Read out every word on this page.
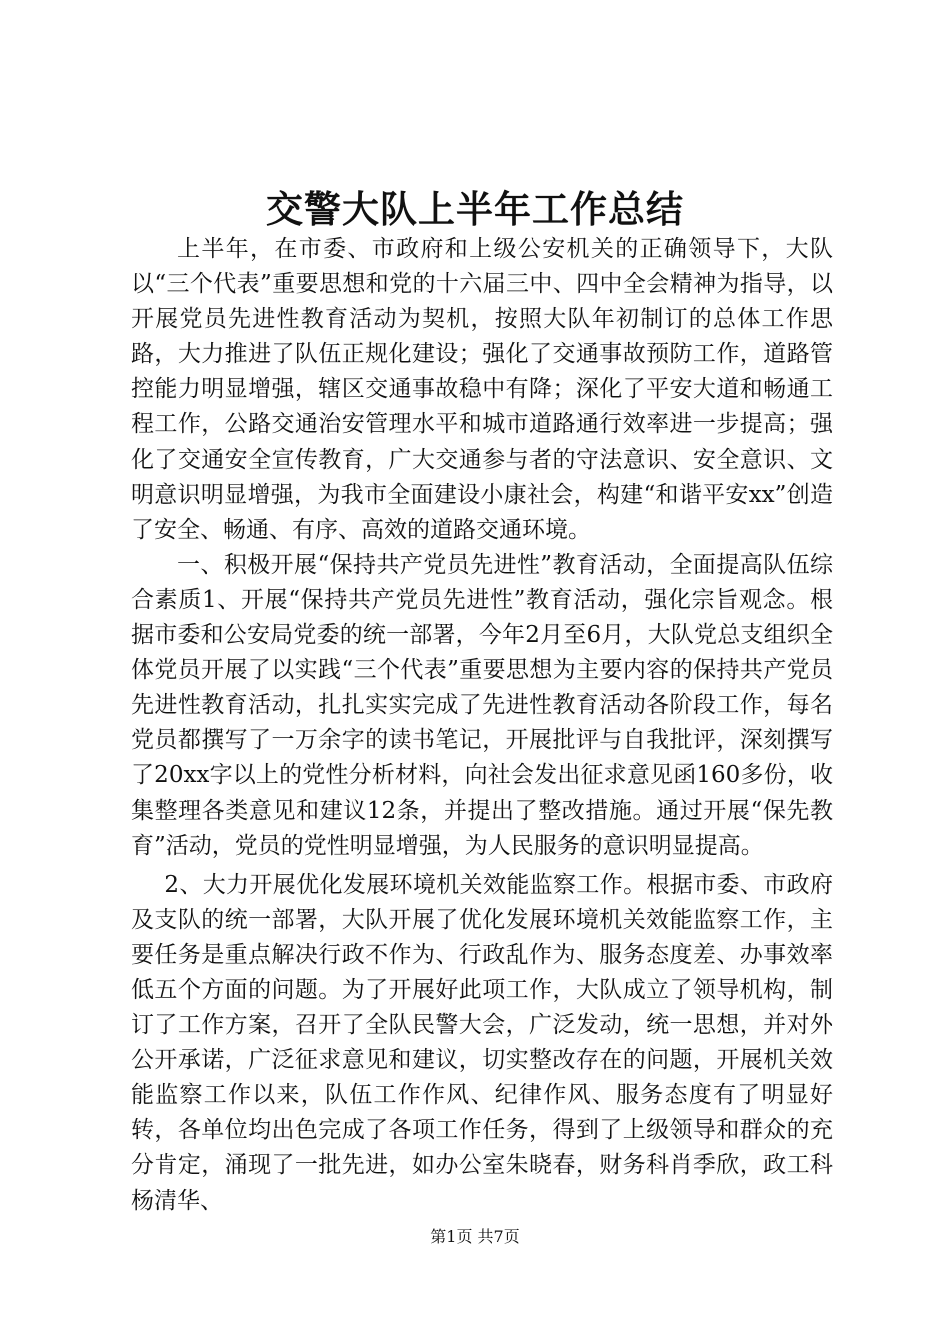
交警大队上半年工作总结

上半年，在市委、市政府和上级公安机关的正确领导下，大队以“三个代表”重要思想和党的十六届三中、四中全会精神为指导，以开展党员先进性教育活动为契机，按照大队年初制订的总体工作思路，大力推进了队伍正规化建设；强化了交通事故预防工作，道路管控能力明显增强，辖区交通事故稳中有降；深化了平安大道和畅通工程工作，公路交通治安管理水平和城市道路通行效率进一步提高；强化了交通安全宣传教育，广大交通参与者的守法意识、安全意识、文明意识明显增强，为我市全面建设小康社会，构建“和谐平安xx”创造了安全、畅通、有序、高效的道路交通环境。

一、积极开展“保持共产党员先进性”教育活动，全面提高队伍综合素质1、开展“保持共产党员先进性”教育活动，强化宗旨观念。根据市委和公安局党委的统一部署，今年2月至6月，大队党总支组织全体党员开展了以实践“三个代表”重要思想为主要内容的保持共产党员先进性教育活动，扎扎实实完成了先进性教育活动各阶段工作，每名党员都撰写了一万余字的读书笔记，开展批评与自我批评，深刻撰写了20xx字以上的党性分析材料，向社会发出征求意见函160多份，收集整理各类意见和建议12条，并提出了整改措施。通过开展“保先教育”活动，党员的党性明显增强，为人民服务的意识明显提高。

2、大力开展优化发展环境机关效能监察工作。根据市委、市政府及支队的统一部署，大队开展了优化发展环境机关效能监察工作，主要任务是重点解决行政不作为、行政乱作为、服务态度差、办事效率低五个方面的问题。为了开展好此项工作，大队成立了领导机构，制订了工作方案，召开了全队民警大会，广泛发动，统一思想，并对外公开承诺，广泛征求意见和建议，切实整改存在的问题，开展机关效能监察工作以来，队伍工作作风、纪律作风、服务态度有了明显好转，各单位均出色完成了各项工作任务，得到了上级领导和群众的充分肯定，涌现了一批先进，如办公室朱晓春，财务科肖季欣，政工科杨清华、

第1页 共7页
